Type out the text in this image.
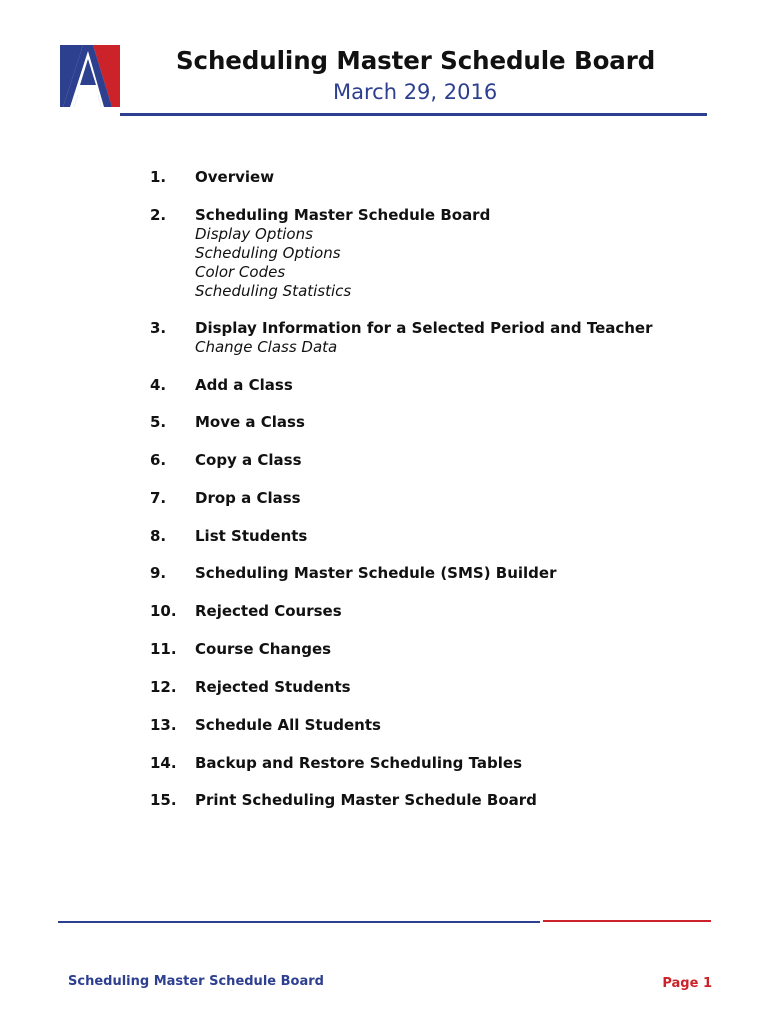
Scheduling Master Schedule Board
March 29, 2016
1.	Overview
2.	Scheduling Master Schedule Board
Display Options
Scheduling Options
Color Codes
Scheduling Statistics
3.	Display Information for a Selected Period and Teacher
Change Class Data
4.	Add a Class
5.	Move a Class
6.	Copy a Class
7.	Drop a Class
8.	List Students
9.	Scheduling Master Schedule (SMS) Builder
10.	Rejected Courses
11.	Course Changes
12.	Rejected Students
13.	Schedule All Students
14.	Backup and Restore Scheduling Tables
15.	Print Scheduling Master Schedule Board
Scheduling Master Schedule Board	Page 1
